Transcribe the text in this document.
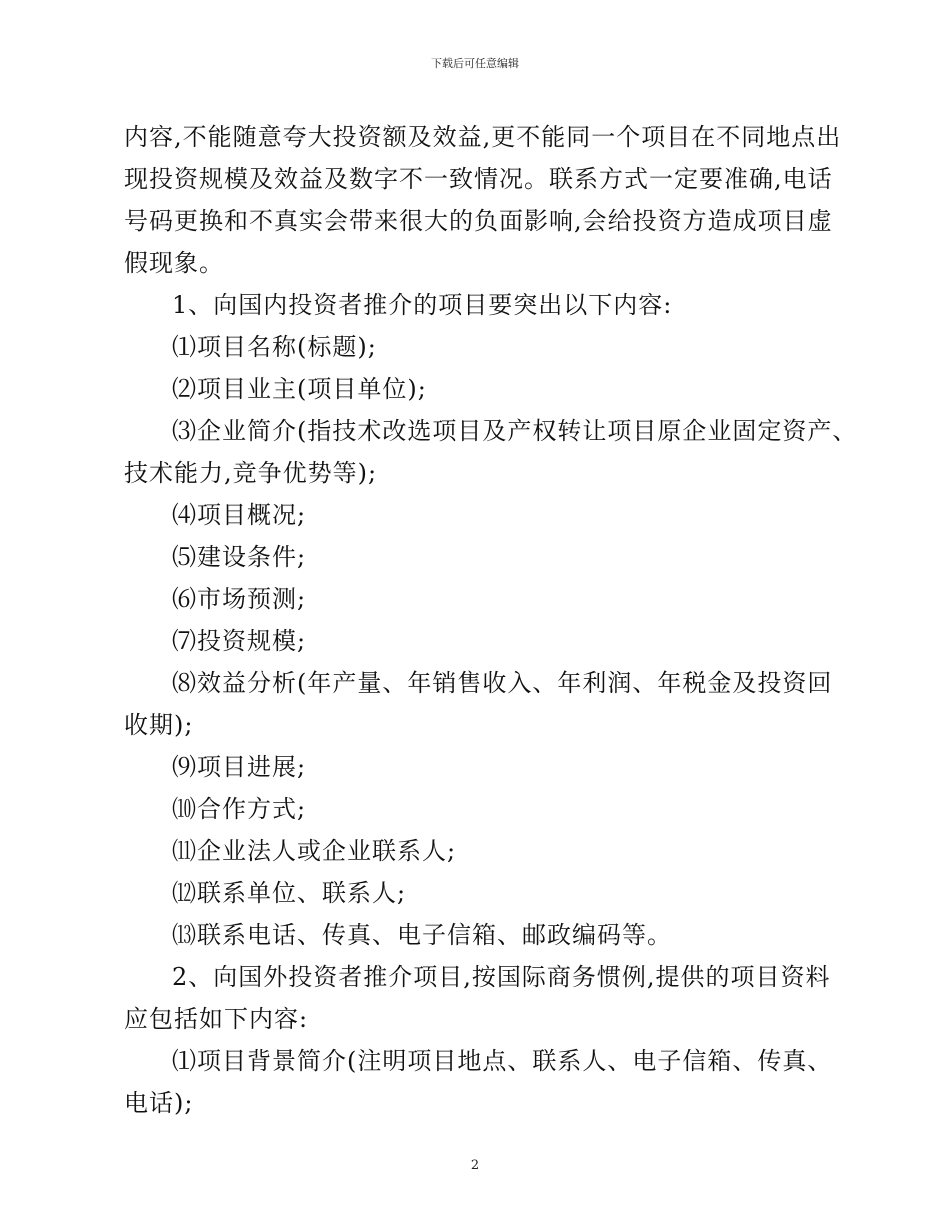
下载后可任意编辑
内容,不能随意夸大投资额及效益,更不能同一个项目在不同地点出
现投资规模及效益及数字不一致情况。联系方式一定要准确,电话
号码更换和不真实会带来很大的负面影响,会给投资方造成项目虚
假现象。
1、向国内投资者推介的项目要突出以下内容:
⑴项目名称(标题);
⑵项目业主(项目单位);
⑶企业简介(指技术改选项目及产权转让项目原企业固定资产、
技术能力,竞争优势等);
⑷项目概况;
⑸建设条件;
⑹市场预测;
⑺投资规模;
⑻效益分析(年产量、年销售收入、年利润、年税金及投资回
收期);
⑼项目进展;
⑽合作方式;
⑾企业法人或企业联系人;
⑿联系单位、联系人;
⒀联系电话、传真、电子信箱、邮政编码等。
2、向国外投资者推介项目,按国际商务惯例,提供的项目资料
应包括如下内容:
⑴项目背景简介(注明项目地点、联系人、电子信箱、传真、
电话);
2
